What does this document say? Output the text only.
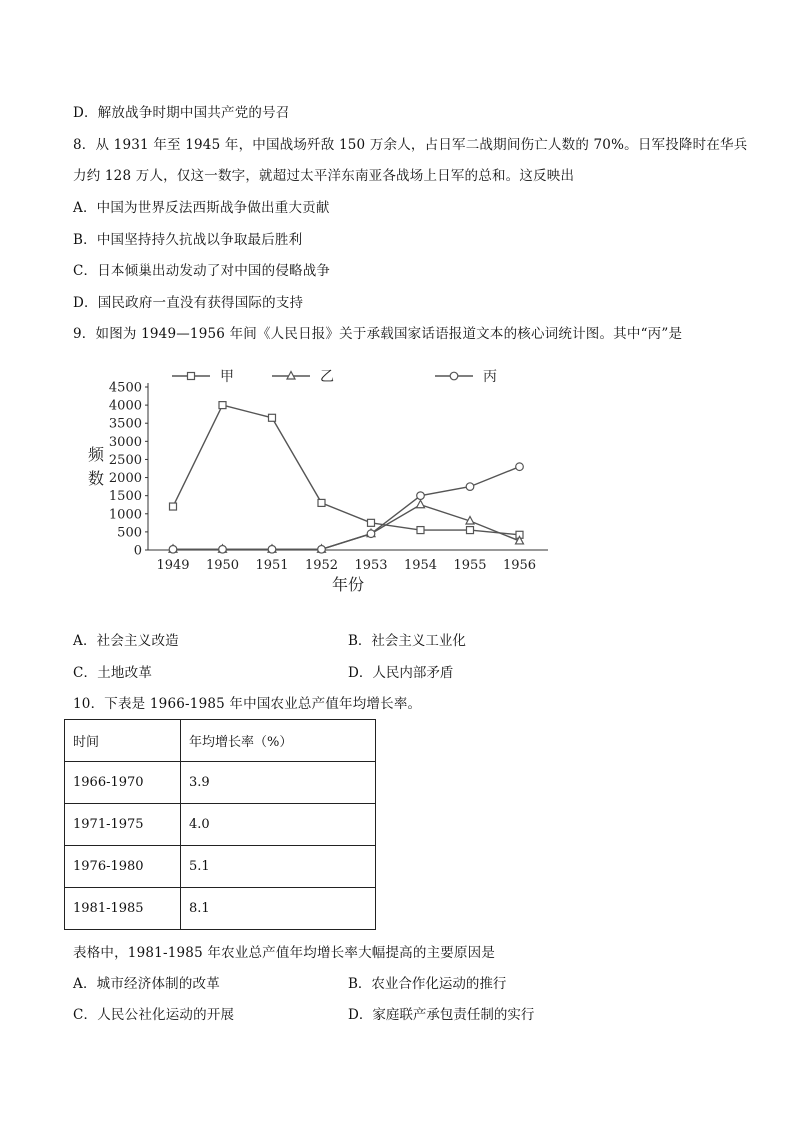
D．解放战争时期中国共产党的号召
8．从 1931 年至 1945 年，中国战场歼敌 150 万余人，占日军二战期间伤亡人数的 70%。日军投降时在华兵
力约 128 万人，仅这一数字，就超过太平洋东南亚各战场上日军的总和。这反映出
A．中国为世界反法西斯战争做出重大贡献
B．中国坚持持久抗战以争取最后胜利
C．日本倾巢出动发动了对中国的侵略战争
D．国民政府一直没有获得国际的支持
9．如图为 1949—1956 年间《人民日报》关于承载国家话语报道文本的核心词统计图。其中“丙”是
0
500
1000
1500
2000
2500
3000
3500
4000
4500
1949 1950 1951 1952 1953 1954 1955 1956
频
数
年份
甲	乙	丙
A．社会主义改造	B．社会主义工业化
C．土地改革	D．人民内部矛盾
10．下表是 1966-1985 年中国农业总产值年均增长率。
时间	年均增长率（%）
1966-1970	3.9
1971-1975	4.0
1976-1980	5.1
1981-1985	8.1
表格中，1981-1985 年农业总产值年均增长率大幅提高的主要原因是
A．城市经济体制的改革	B．农业合作化运动的推行
C．人民公社化运动的开展	D．家庭联产承包责任制的实行
